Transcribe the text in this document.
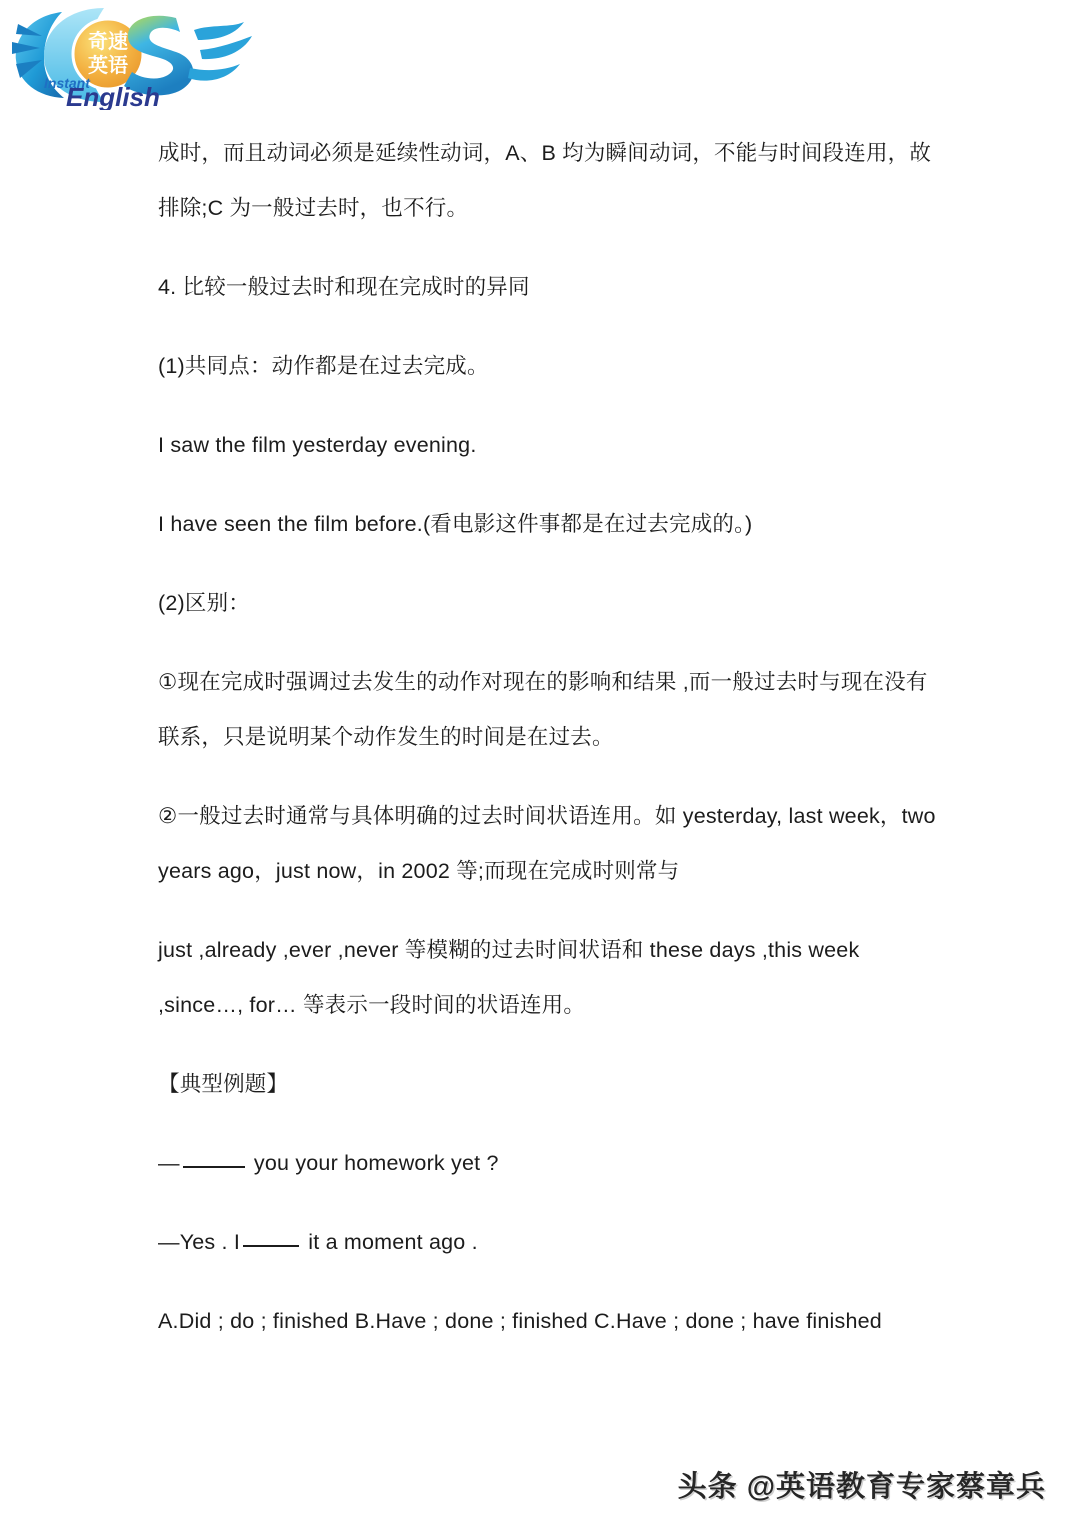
奇速
英语
Instant
English

成时，而且动词必须是延续性动词，A、B 均为瞬间动词，不能与时间段连用，故排除;C 为一般过去时，也不行。

4. 比较一般过去时和现在完成时的异同

(1)共同点：动作都是在过去完成。

I saw the film yesterday evening.

I have seen the film before.(看电影这件事都是在过去完成的。)

(2)区别：

①现在完成时强调过去发生的动作对现在的影响和结果 ,而一般过去时与现在没有联系，只是说明某个动作发生的时间是在过去。

②一般过去时通常与具体明确的过去时间状语连用。如 yesterday, last week，two years ago，just now，in 2002 等;而现在完成时则常与

just ,already ,ever ,never 等模糊的过去时间状语和 these days ,this week ,since…, for… 等表示一段时间的状语连用。

【典型例题】

—	you your homework yet ?

—Yes . I	it a moment ago .

A.Did ; do ; finished B.Have ; done ; finished C.Have ; done ; have finished

头条 @英语教育专家蔡章兵
